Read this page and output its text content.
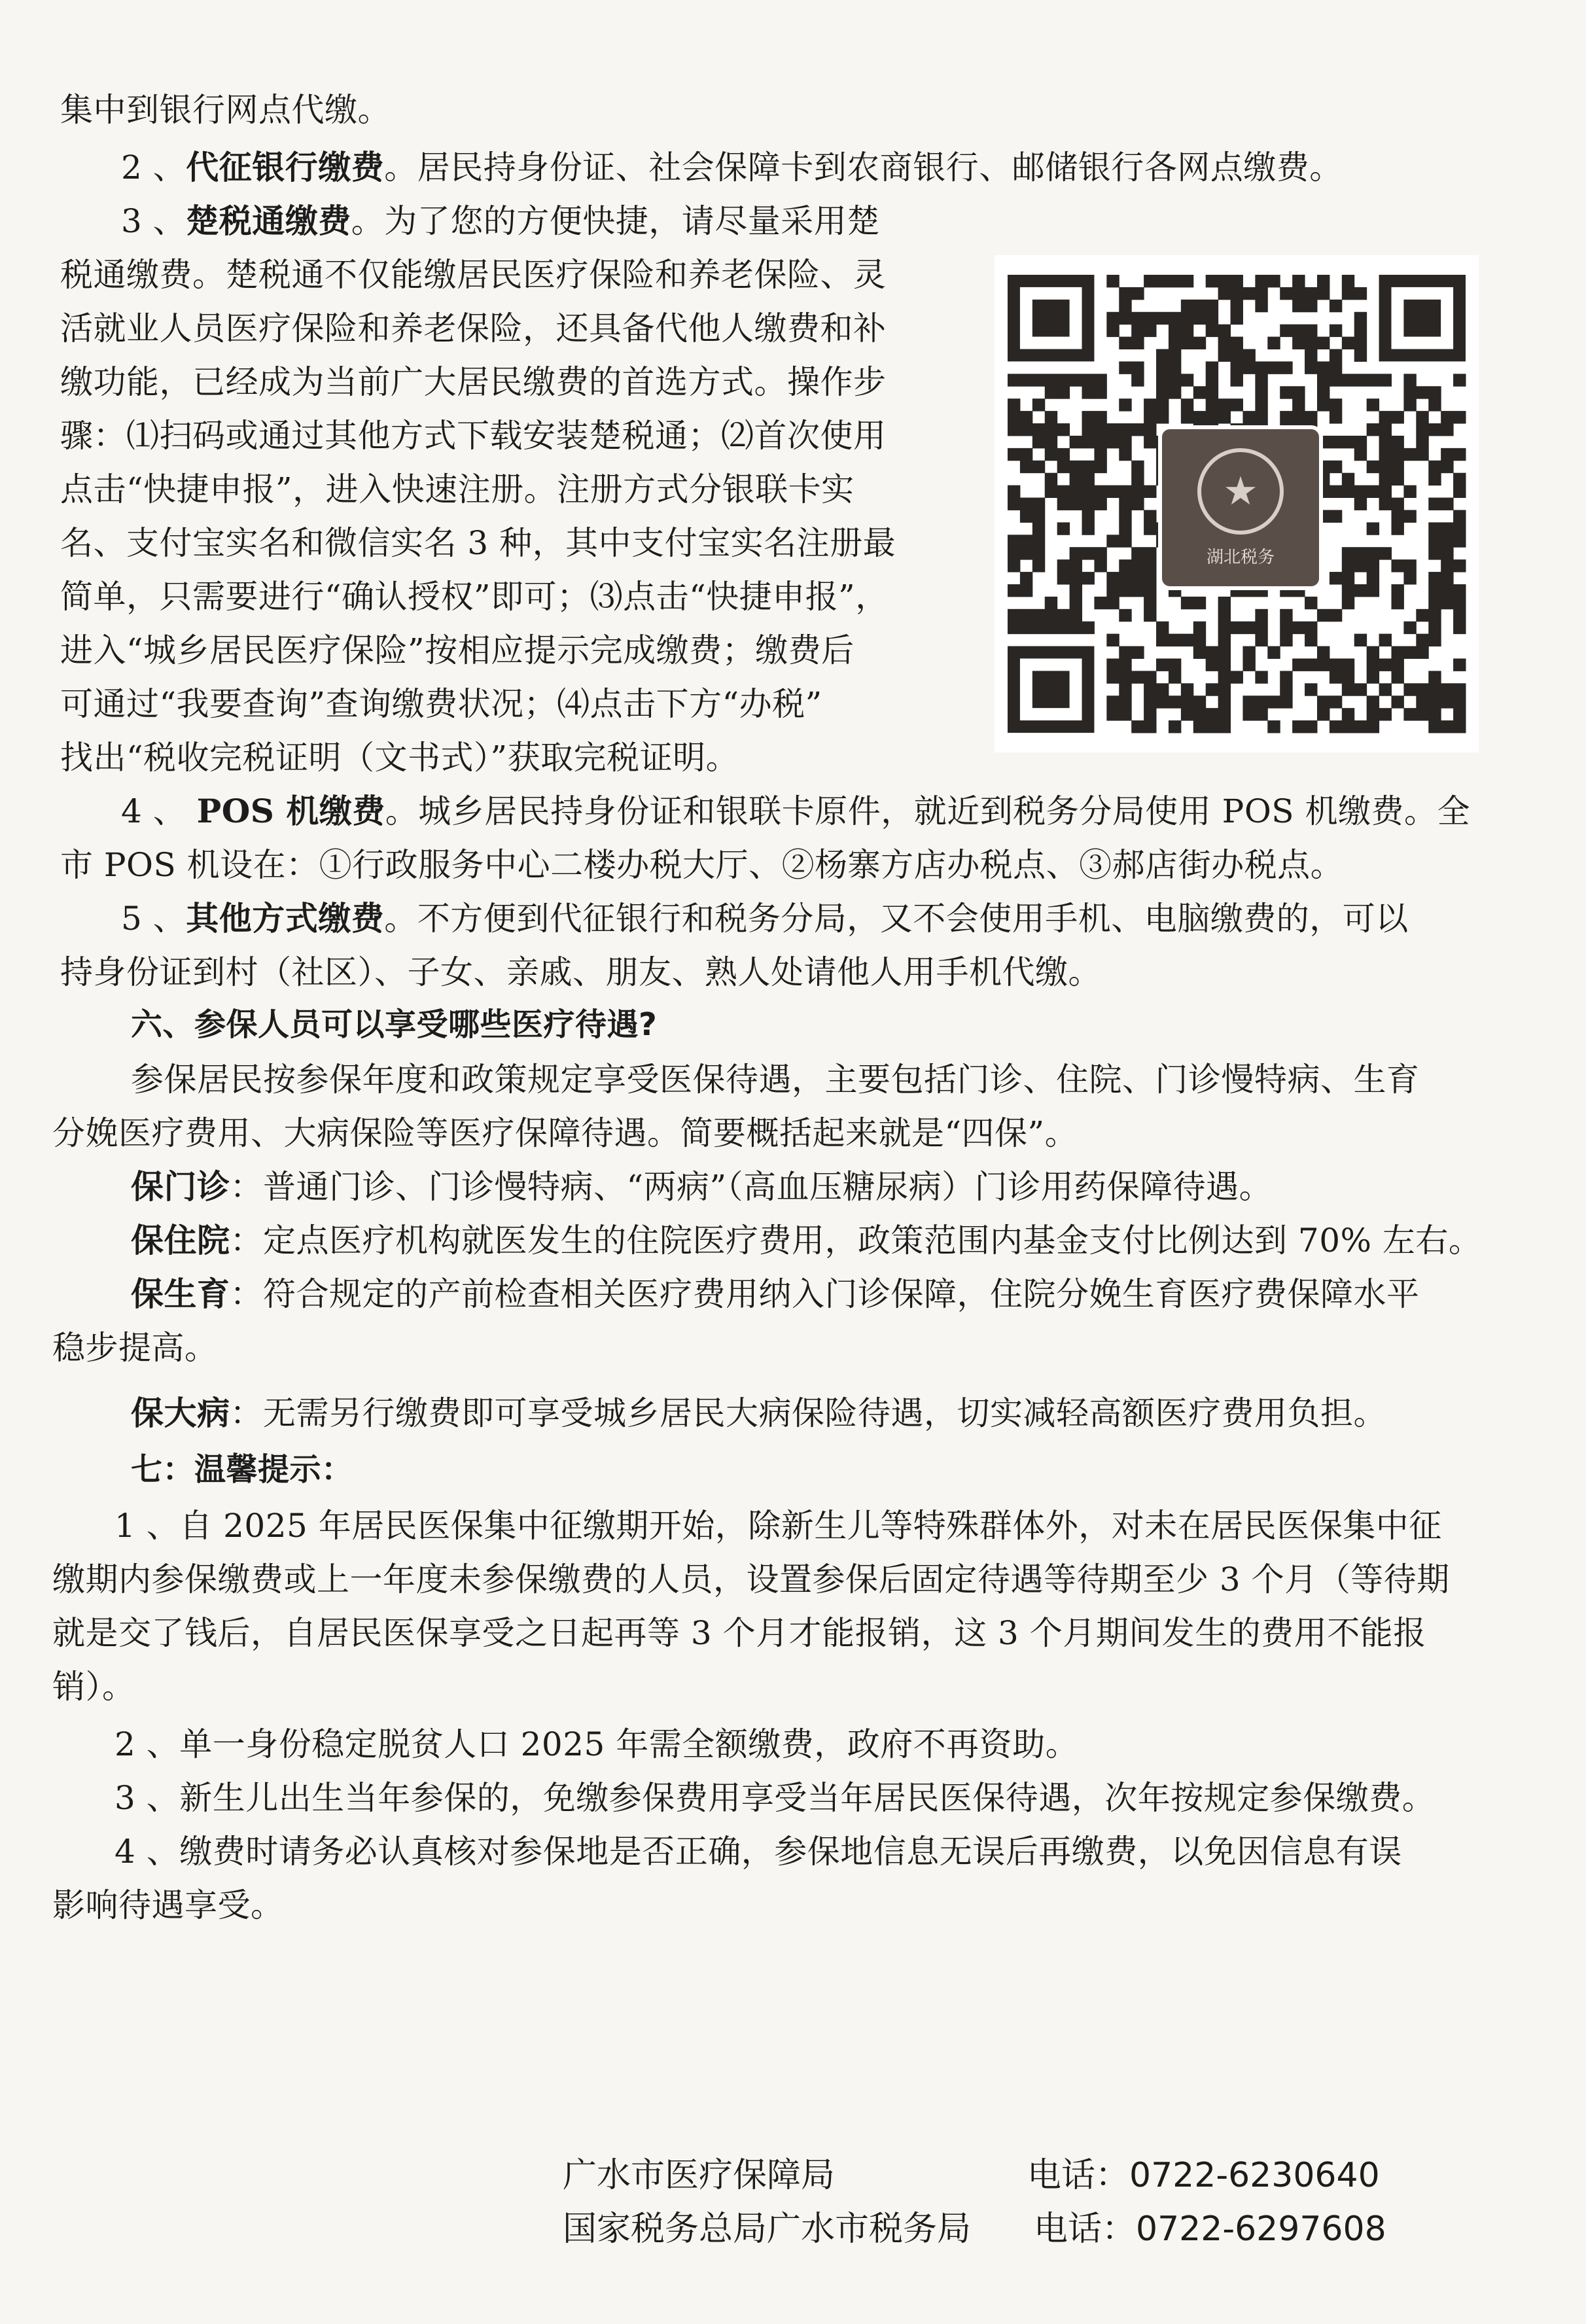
集中到银行网点代缴。
2 、代征银行缴费。居民持身份证、社会保障卡到农商银行、邮储银行各网点缴费。
3 、楚税通缴费。为了您的方便快捷，请尽量采用楚
税通缴费。楚税通不仅能缴居民医疗保险和养老保险、灵
活就业人员医疗保险和养老保险，还具备代他人缴费和补
缴功能，已经成为当前广大居民缴费的首选方式。操作步
骤：⑴扫码或通过其他方式下载安装楚税通；⑵首次使用
点击“快捷申报”，进入快速注册。注册方式分银联卡实
名、支付宝实名和微信实名 3 种，其中支付宝实名注册最
简单，只需要进行“确认授权”即可；⑶点击“快捷申报”，
进入“城乡居民医疗保险”按相应提示完成缴费；缴费后
可通过“我要查询”查询缴费状况；⑷点击下方“办税”
找出“税收完税证明（文书式）”获取完税证明。
★
湖北税务
4 、 POS 机缴费。城乡居民持身份证和银联卡原件，就近到税务分局使用 POS 机缴费。全
市 POS 机设在：①行政服务中心二楼办税大厅、②杨寨方店办税点、③郝店街办税点。
5 、其他方式缴费。不方便到代征银行和税务分局，又不会使用手机、电脑缴费的，可以
持身份证到村（社区）、子女、亲戚、朋友、熟人处请他人用手机代缴。
六、参保人员可以享受哪些医疗待遇?
参保居民按参保年度和政策规定享受医保待遇，主要包括门诊、住院、门诊慢特病、生育
分娩医疗费用、大病保险等医疗保障待遇。简要概括起来就是“四保”。
保门诊：普通门诊、门诊慢特病、“两病”（高血压糖尿病）门诊用药保障待遇。
保住院：定点医疗机构就医发生的住院医疗费用，政策范围内基金支付比例达到 70% 左右。
保生育：符合规定的产前检查相关医疗费用纳入门诊保障，住院分娩生育医疗费保障水平
稳步提高。
保大病：无需另行缴费即可享受城乡居民大病保险待遇，切实减轻高额医疗费用负担。
七：温馨提示：
1 、自 2025 年居民医保集中征缴期开始，除新生儿等特殊群体外，对未在居民医保集中征
缴期内参保缴费或上一年度未参保缴费的人员，设置参保后固定待遇等待期至少 3 个月（等待期
就是交了钱后，自居民医保享受之日起再等 3 个月才能报销，这 3 个月期间发生的费用不能报
销）。
2 、单一身份稳定脱贫人口 2025 年需全额缴费，政府不再资助。
3 、新生儿出生当年参保的，免缴参保费用享受当年居民医保待遇，次年按规定参保缴费。
4 、缴费时请务必认真核对参保地是否正确，参保地信息无误后再缴费，以免因信息有误
影响待遇享受。
广水市医疗保障局	电话：0722-6230640
国家税务总局广水市税务局 电话：0722-6297608
